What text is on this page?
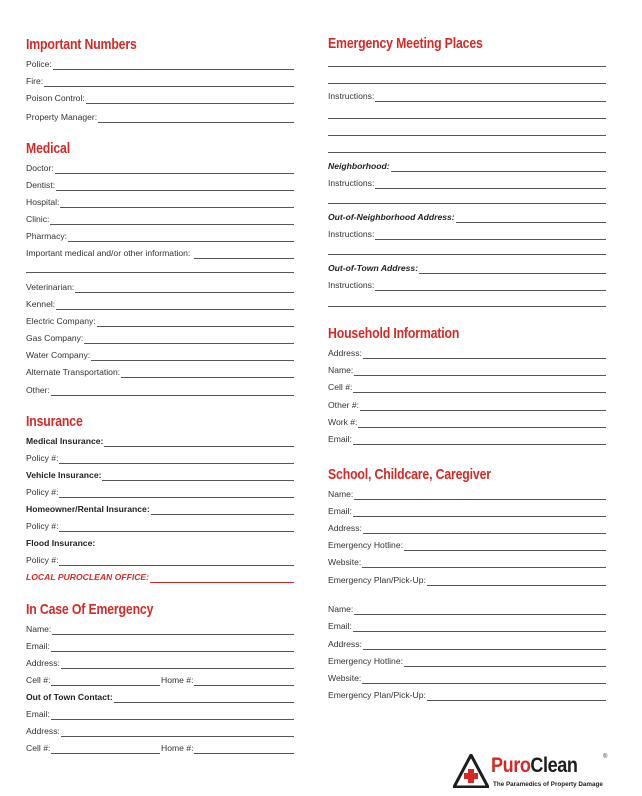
Important Numbers
Police:
Fire:
Poison Control:
Property Manager:
Medical
Doctor:
Dentist:
Hospital:
Clinic:
Pharmacy:
Important medical and/or other information:
Veterinarian:
Kennel:
Electric Company:
Gas Company:
Water Company:
Alternate Transportation:
Other:
Insurance
Medical Insurance:
Policy #:
Vehicle Insurance:
Policy #:
Homeowner/Rental Insurance:
Policy #:
Flood Insurance:
Policy #:
LOCAL PUROCLEAN OFFICE:
In Case Of Emergency
Name:
Email:
Address:
Cell #:	Home #:
Out of Town Contact:
Email:
Address:
Cell #:	Home #:
Emergency Meeting Places
Instructions:
Neighborhood:
Instructions:
Out-of-Neighborhood Address:
Instructions:
Out-of-Town Address:
Instructions:
Household Information
Address:
Name:
Cell #:
Other #:
Work #:
Email:
School, Childcare, Caregiver
Name:
Email:
Address:
Emergency Hotline:
Website:
Emergency Plan/Pick-Up:
Name:
Email:
Address:
Emergency Hotline:
Website:
Emergency Plan/Pick-Up:
PuroClean	®
The Paramedics of Property Damage
